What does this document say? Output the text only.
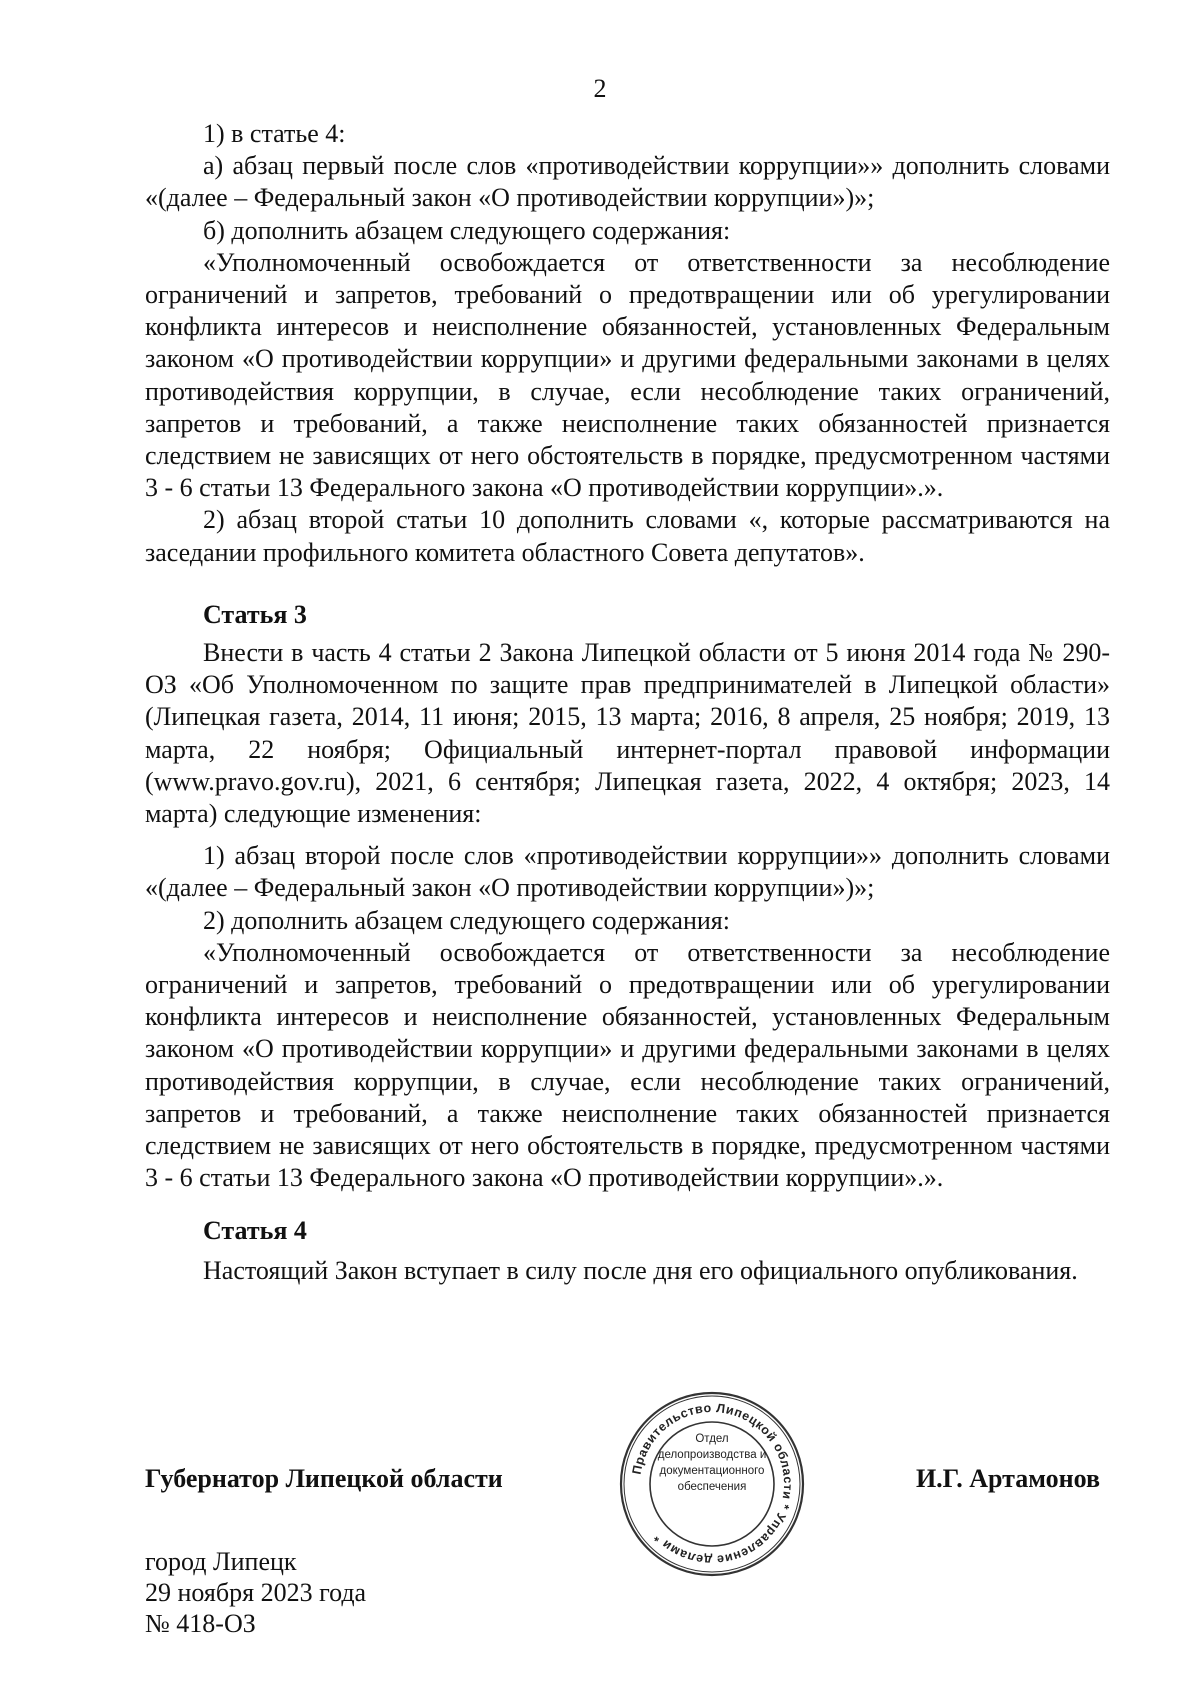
2

1) в статье 4:

а) абзац первый после слов «противодействии коррупции»» дополнить словами «(далее – Федеральный закон «О противодействии коррупции»)»;

б) дополнить абзацем следующего содержания:

«Уполномоченный освобождается от ответственности за несоблюдение ограничений и запретов, требований о предотвращении или об урегулировании конфликта интересов и неисполнение обязанностей, установленных Федеральным законом «О противодействии коррупции» и другими федеральными законами в целях противодействия коррупции, в случае, если несоблюдение таких ограничений, запретов и требований, а также неисполнение таких обязанностей признается следствием не зависящих от него обстоятельств в порядке, предусмотренном частями 3 - 6 статьи 13 Федерального закона «О противодействии коррупции».».

2) абзац второй статьи 10 дополнить словами «, которые рассматриваются на заседании профильного комитета областного Совета депутатов».

Статья 3

Внести в часть 4 статьи 2 Закона Липецкой области от 5 июня 2014 года № 290-ОЗ «Об Уполномоченном по защите прав предпринимателей в Липецкой области» (Липецкая газета, 2014, 11 июня; 2015, 13 марта; 2016, 8 апреля, 25 ноября; 2019, 13 марта, 22 ноября; Официальный интернет-портал правовой информации (www.pravo.gov.ru), 2021, 6 сентября; Липецкая газета, 2022, 4 октября; 2023, 14 марта) следующие изменения:

1) абзац второй после слов «противодействии коррупции»» дополнить словами «(далее – Федеральный закон «О противодействии коррупции»)»;

2) дополнить абзацем следующего содержания:

«Уполномоченный освобождается от ответственности за несоблюдение ограничений и запретов, требований о предотвращении или об урегулировании конфликта интересов и неисполнение обязанностей, установленных Федеральным законом «О противодействии коррупции» и другими федеральными законами в целях противодействия коррупции, в случае, если несоблюдение таких ограничений, запретов и требований, а также неисполнение таких обязанностей признается следствием не зависящих от него обстоятельств в порядке, предусмотренном частями 3 - 6 статьи 13 Федерального закона «О противодействии коррупции».».

Статья 4

Настоящий Закон вступает в силу после дня его официального опубликования.

Губернатор Липецкой области	И.Г. Артамонов
Правительство Липецкой области * Управление делами *
Отдел
делопроизводства и
документационного
обеспечения
город Липецк
29 ноября 2023 года
№ 418-ОЗ
